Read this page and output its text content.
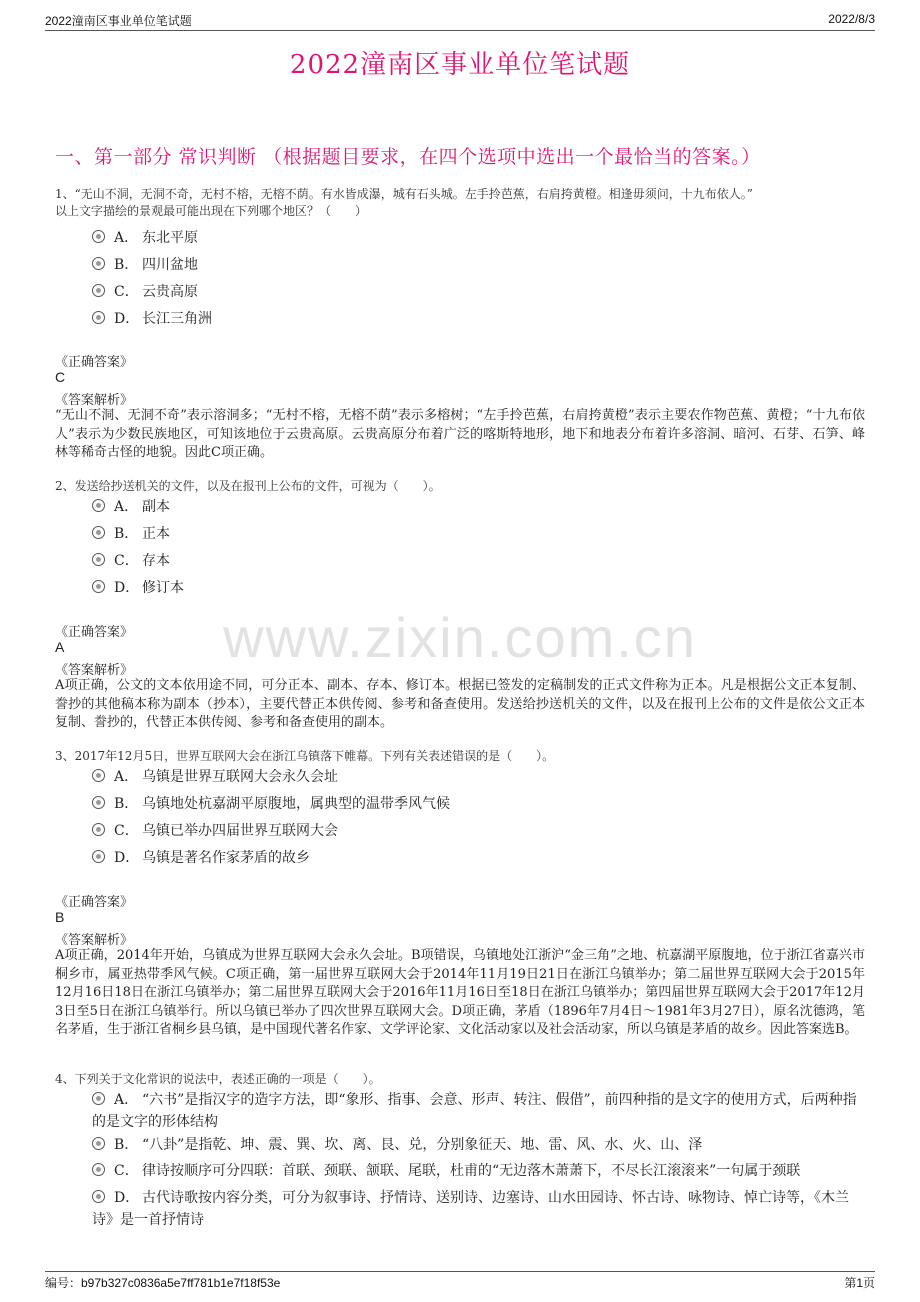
2022潼南区事业单位笔试题	2022/8/3
2022潼南区事业单位笔试题
一、第一部分 常识判断 （根据题目要求，在四个选项中选出一个最恰当的答案。）
www.zixin.com.cn
1、“无山不洞，无洞不奇，无村不榕，无榕不荫。有水皆成瀑，城有石头城。左手拎芭蕉，右肩挎黄橙。相逢毋须问，十九布依人。”
以上文字描绘的景观最可能出现在下列哪个地区？（　　）
A． 东北平原
B． 四川盆地
C． 云贵高原
D． 长江三角洲
《正确答案》
C
《答案解析》
“无山不洞、无洞不奇”表示溶洞多；“无村不榕，无榕不荫”表示多榕树；“左手拎芭蕉，右肩挎黄橙”表示主要农作物芭蕉、黄橙；“十九布依人”表示为少数民族地区，可知该地位于云贵高原。云贵高原分布着广泛的喀斯特地形，地下和地表分布着许多溶洞、暗河、石芽、石笋、峰林等稀奇古怪的地貌。因此C项正确。
2、发送给抄送机关的文件，以及在报刊上公布的文件，可视为（　　）。
A． 副本
B． 正本
C． 存本
D． 修订本
《正确答案》
A
《答案解析》
A项正确，公文的文本依用途不同，可分正本、副本、存本、修订本。根据已签发的定稿制发的正式文件称为正本。凡是根据公文正本复制、誊抄的其他稿本称为副本（抄本），主要代替正本供传阅、参考和备查使用。发送给抄送机关的文件，以及在报刊上公布的文件是依公文正本复制、誊抄的，代替正本供传阅、参考和备查使用的副本。
3、2017年12月5日，世界互联网大会在浙江乌镇落下帷幕。下列有关表述错误的是（　　）。
A． 乌镇是世界互联网大会永久会址
B． 乌镇地处杭嘉湖平原腹地，属典型的温带季风气候
C． 乌镇已举办四届世界互联网大会
D． 乌镇是著名作家茅盾的故乡
《正确答案》
B
《答案解析》
A项正确，2014年开始，乌镇成为世界互联网大会永久会址。B项错误，乌镇地处江浙沪“金三角”之地、杭嘉湖平原腹地，位于浙江省嘉兴市桐乡市，属亚热带季风气候。C项正确，第一届世界互联网大会于2014年11月19日21日在浙江乌镇举办；第二届世界互联网大会于2015年12月16日18日在浙江乌镇举办；第二届世界互联网大会于2016年11月16日至18日在浙江乌镇举办；第四届世界互联网大会于2017年12月3日至5日在浙江乌镇举行。所以乌镇已举办了四次世界互联网大会。D项正确，茅盾（1896年7月4日～1981年3月27日），原名沈德鸿，笔名茅盾，生于浙江省桐乡县乌镇，是中国现代著名作家、文学评论家、文化活动家以及社会活动家，所以乌镇是茅盾的故乡。因此答案选B。
4、下列关于文化常识的说法中，表述正确的一项是（　　）。
A． “六书”是指汉字的造字方法，即“象形、指事、会意、形声、转注、假借”，前四种指的是文字的使用方式，后两种指的是文字的形体结构
B． “八卦”是指乾、坤、震、巽、坎、离、艮、兑，分别象征天、地、雷、风、水、火、山、泽
C． 律诗按顺序可分四联：首联、颈联、颔联、尾联，杜甫的“无边落木萧萧下，不尽长江滚滚来”一句属于颈联
D． 古代诗歌按内容分类，可分为叙事诗、抒情诗、送别诗、边塞诗、山水田园诗、怀古诗、咏物诗、悼亡诗等，《木兰诗》是一首抒情诗
编号：b97b327c0836a5e7ff781b1e7f18f53e	第1页
